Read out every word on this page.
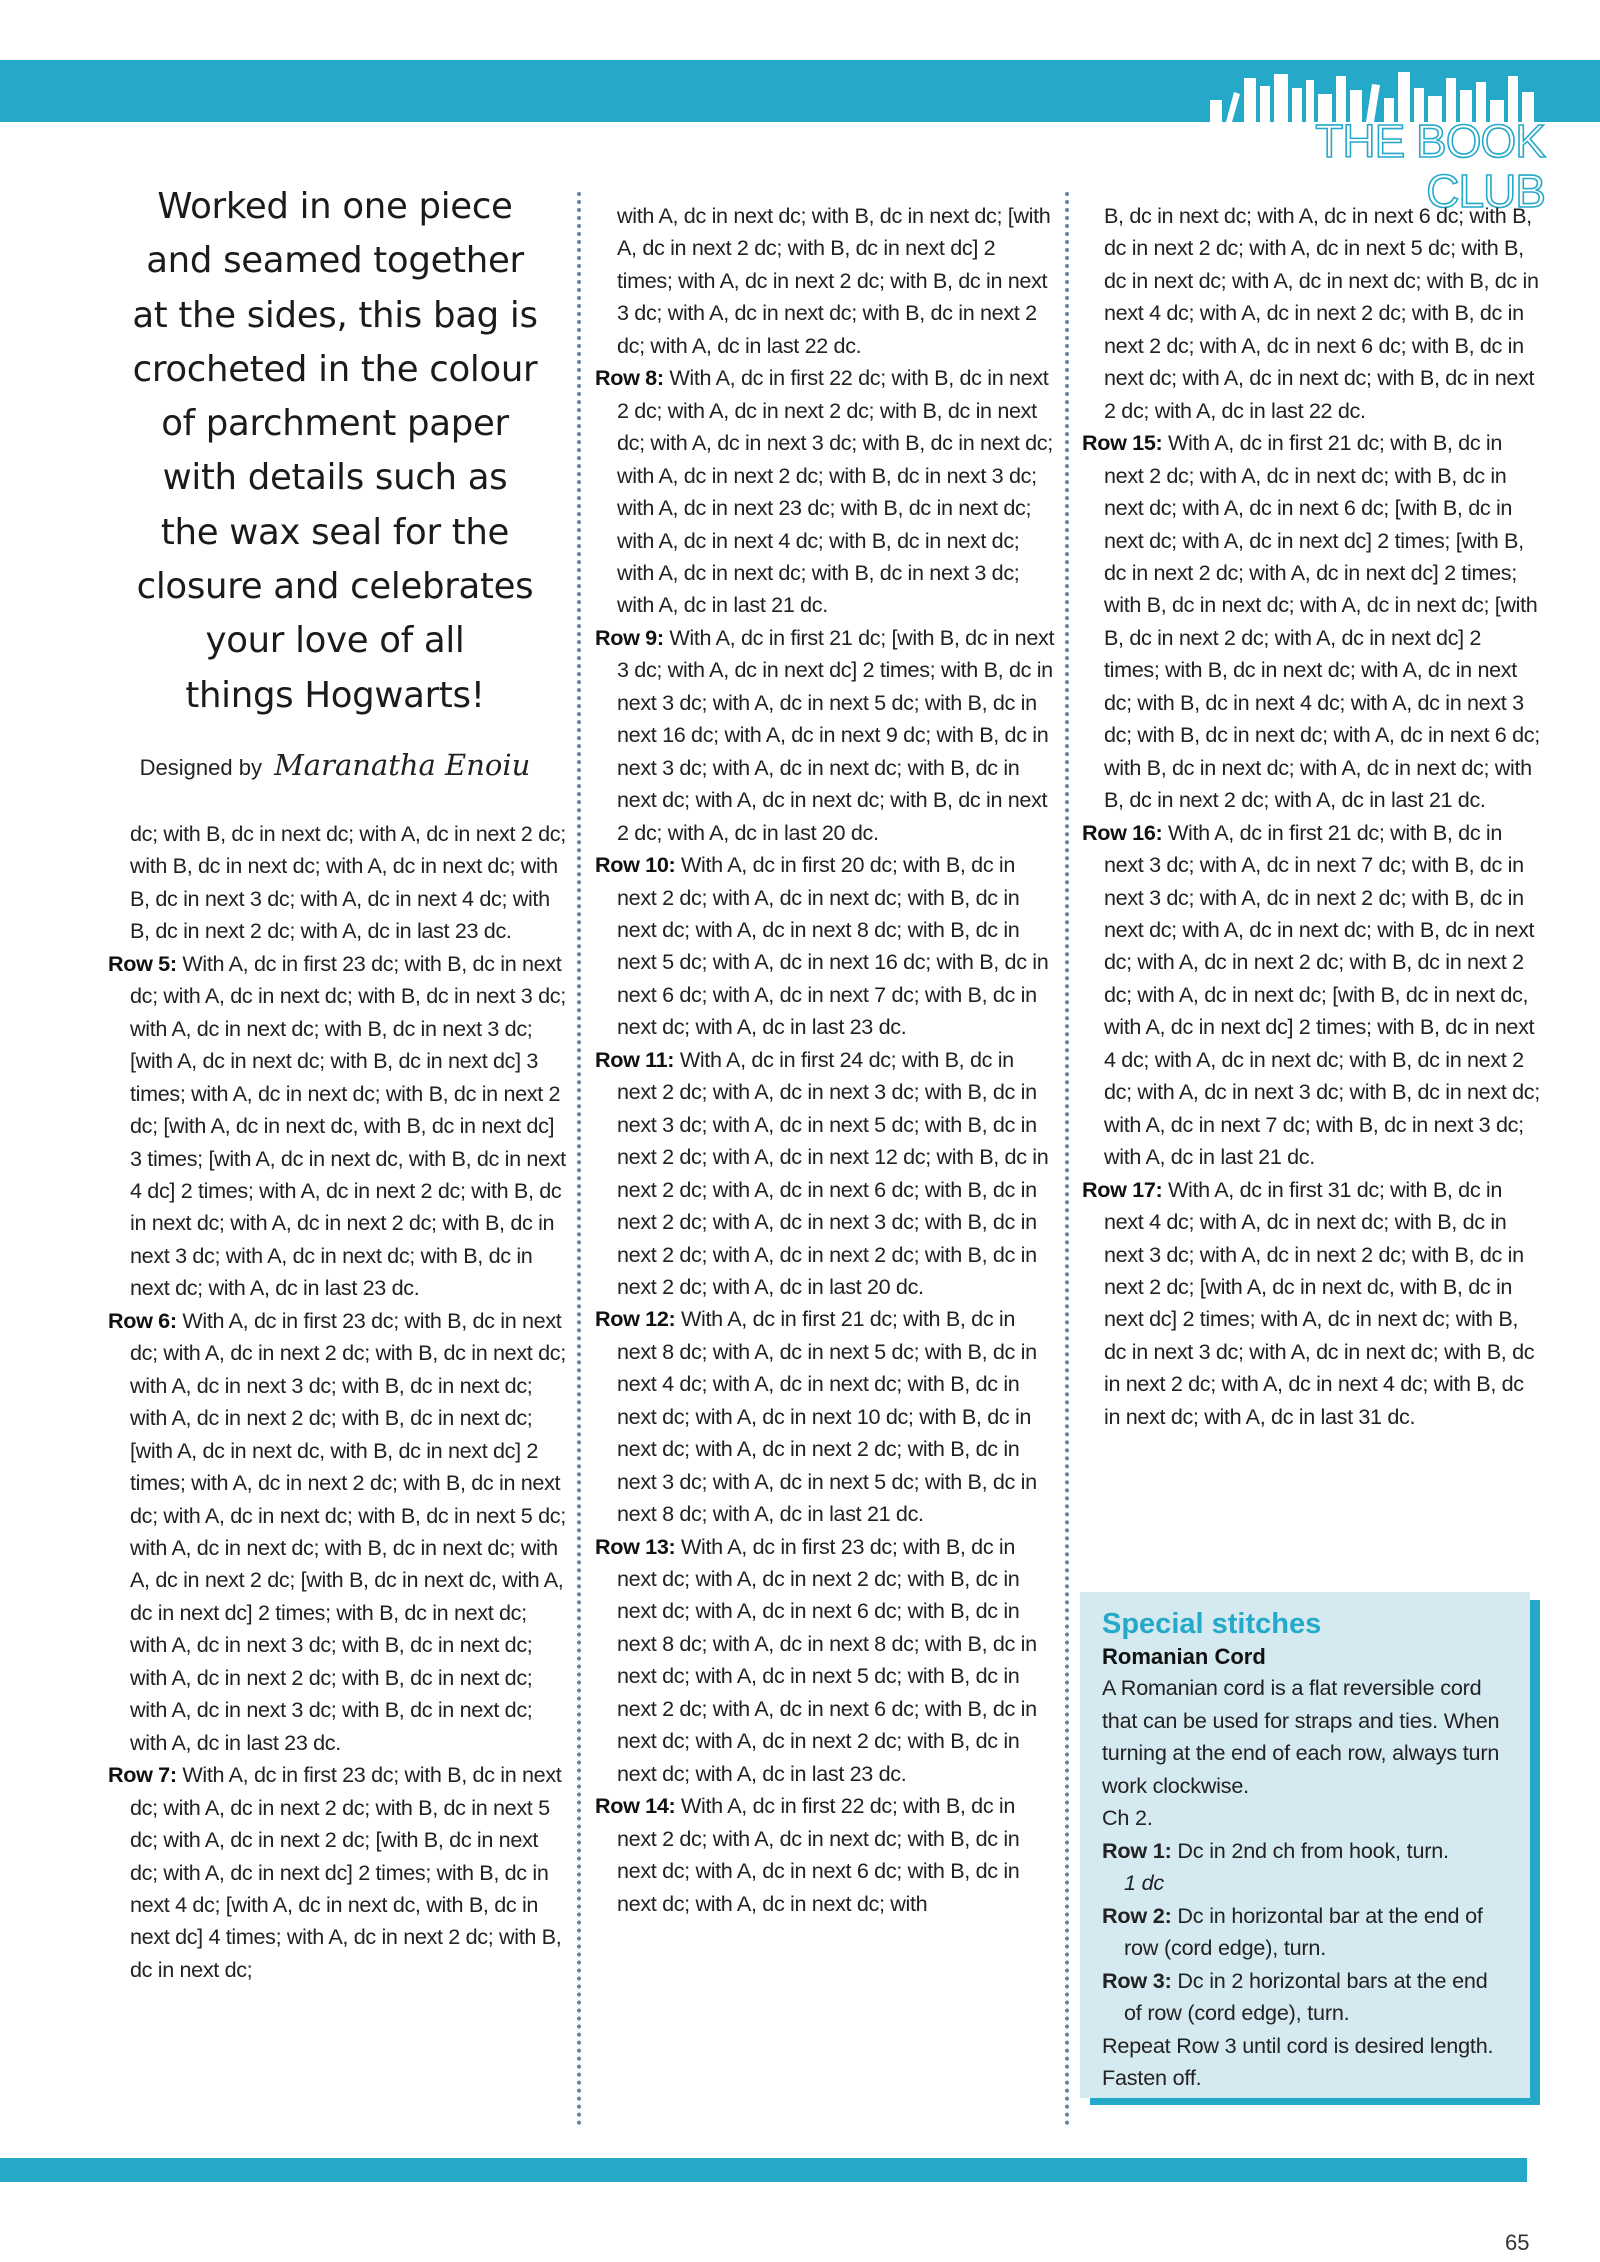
THE BOOK CLUB
Worked in one piece
and seamed together
at the sides, this bag is
crocheted in the colour
of parchment paper
with details such as
the wax seal for the
closure and celebrates
your love of all
things Hogwarts!
Designed by Maranatha Enoiu

dc; with B, dc in next dc; with A, dc in next 2 dc; with B, dc in next dc; with A, dc in next dc; with B, dc in next 3 dc; with A, dc in next 4 dc; with B, dc in next 2 dc; with A, dc in last 23 dc.

Row 5: With A, dc in first 23 dc; with B, dc in next dc; with A, dc in next dc; with B, dc in next 3 dc; with A, dc in next dc; with B, dc in next 3 dc; [with A, dc in next dc; with B, dc in next dc] 3 times; with A, dc in next dc; with B, dc in next 2 dc; [with A, dc in next dc, with B, dc in next dc] 3 times; [with A, dc in next dc, with B, dc in next 4 dc] 2 times; with A, dc in next 2 dc; with B, dc in next dc; with A, dc in next 2 dc; with B, dc in next 3 dc; with A, dc in next dc; with B, dc in next dc; with A, dc in last 23 dc.

Row 6: With A, dc in first 23 dc; with B, dc in next dc; with A, dc in next 2 dc; with B, dc in next dc; with A, dc in next 3 dc; with B, dc in next dc; with A, dc in next 2 dc; with B, dc in next dc; [with A, dc in next dc, with B, dc in next dc] 2 times; with A, dc in next 2 dc; with B, dc in next dc; with A, dc in next dc; with B, dc in next 5 dc; with A, dc in next dc; with B, dc in next dc; with A, dc in next 2 dc; [with B, dc in next dc, with A, dc in next dc] 2 times; with B, dc in next dc; with A, dc in next 3 dc; with B, dc in next dc; with A, dc in next 2 dc; with B, dc in next dc; with A, dc in next 3 dc; with B, dc in next dc; with A, dc in last 23 dc.

Row 7: With A, dc in first 23 dc; with B, dc in next dc; with A, dc in next 2 dc; with B, dc in next 5 dc; with A, dc in next 2 dc; [with B, dc in next dc; with A, dc in next dc] 2 times; with B, dc in next 4 dc; [with A, dc in next dc, with B, dc in next dc] 4 times; with A, dc in next 2 dc; with B, dc in next dc;

with A, dc in next dc; with B, dc in next dc; [with A, dc in next 2 dc; with B, dc in next dc] 2 times; with A, dc in next 2 dc; with B, dc in next 3 dc; with A, dc in next dc; with B, dc in next 2 dc; with A, dc in last 22 dc.

Row 8: With A, dc in first 22 dc; with B, dc in next 2 dc; with A, dc in next 2 dc; with B, dc in next dc; with A, dc in next 3 dc; with B, dc in next dc; with A, dc in next 2 dc; with B, dc in next 3 dc; with A, dc in next 23 dc; with B, dc in next dc; with A, dc in next 4 dc; with B, dc in next dc; with A, dc in next dc; with B, dc in next 3 dc; with A, dc in last 21 dc.

Row 9: With A, dc in first 21 dc; [with B, dc in next 3 dc; with A, dc in next dc] 2 times; with B, dc in next 3 dc; with A, dc in next 5 dc; with B, dc in next 16 dc; with A, dc in next 9 dc; with B, dc in next 3 dc; with A, dc in next dc; with B, dc in next dc; with A, dc in next dc; with B, dc in next 2 dc; with A, dc in last 20 dc.

Row 10: With A, dc in first 20 dc; with B, dc in next 2 dc; with A, dc in next dc; with B, dc in next dc; with A, dc in next 8 dc; with B, dc in next 5 dc; with A, dc in next 16 dc; with B, dc in next 6 dc; with A, dc in next 7 dc; with B, dc in next dc; with A, dc in last 23 dc.

Row 11: With A, dc in first 24 dc; with B, dc in next 2 dc; with A, dc in next 3 dc; with B, dc in next 3 dc; with A, dc in next 5 dc; with B, dc in next 2 dc; with A, dc in next 12 dc; with B, dc in next 2 dc; with A, dc in next 6 dc; with B, dc in next 2 dc; with A, dc in next 3 dc; with B, dc in next 2 dc; with A, dc in next 2 dc; with B, dc in next 2 dc; with A, dc in last 20 dc.

Row 12: With A, dc in first 21 dc; with B, dc in next 8 dc; with A, dc in next 5 dc; with B, dc in next 4 dc; with A, dc in next dc; with B, dc in next dc; with A, dc in next 10 dc; with B, dc in next dc; with A, dc in next 2 dc; with B, dc in next 3 dc; with A, dc in next 5 dc; with B, dc in next 8 dc; with A, dc in last 21 dc.

Row 13: With A, dc in first 23 dc; with B, dc in next dc; with A, dc in next 2 dc; with B, dc in next dc; with A, dc in next 6 dc; with B, dc in next 8 dc; with A, dc in next 8 dc; with B, dc in next dc; with A, dc in next 5 dc; with B, dc in next 2 dc; with A, dc in next 6 dc; with B, dc in next dc; with A, dc in next 2 dc; with B, dc in next dc; with A, dc in last 23 dc.

Row 14: With A, dc in first 22 dc; with B, dc in next 2 dc; with A, dc in next dc; with B, dc in next dc; with A, dc in next 6 dc; with B, dc in next dc; with A, dc in next dc; with

B, dc in next dc; with A, dc in next 6 dc; with B, dc in next 2 dc; with A, dc in next 5 dc; with B, dc in next dc; with A, dc in next dc; with B, dc in next 4 dc; with A, dc in next 2 dc; with B, dc in next 2 dc; with A, dc in next 6 dc; with B, dc in next dc; with A, dc in next dc; with B, dc in next 2 dc; with A, dc in last 22 dc.

Row 15: With A, dc in first 21 dc; with B, dc in next 2 dc; with A, dc in next dc; with B, dc in next dc; with A, dc in next 6 dc; [with B, dc in next dc; with A, dc in next dc] 2 times; [with B, dc in next 2 dc; with A, dc in next dc] 2 times; with B, dc in next dc; with A, dc in next dc; [with B, dc in next 2 dc; with A, dc in next dc] 2 times; with B, dc in next dc; with A, dc in next dc; with B, dc in next 4 dc; with A, dc in next 3 dc; with B, dc in next dc; with A, dc in next 6 dc; with B, dc in next dc; with A, dc in next dc; with B, dc in next 2 dc; with A, dc in last 21 dc.

Row 16: With A, dc in first 21 dc; with B, dc in next 3 dc; with A, dc in next 7 dc; with B, dc in next 3 dc; with A, dc in next 2 dc; with B, dc in next dc; with A, dc in next dc; with B, dc in next dc; with A, dc in next 2 dc; with B, dc in next 2 dc; with A, dc in next dc; [with B, dc in next dc, with A, dc in next dc] 2 times; with B, dc in next 4 dc; with A, dc in next dc; with B, dc in next 2 dc; with A, dc in next 3 dc; with B, dc in next dc; with A, dc in next 7 dc; with B, dc in next 3 dc; with A, dc in last 21 dc.

Row 17: With A, dc in first 31 dc; with B, dc in next 4 dc; with A, dc in next dc; with B, dc in next 3 dc; with A, dc in next 2 dc; with B, dc in next 2 dc; [with A, dc in next dc, with B, dc in next dc] 2 times; with A, dc in next dc; with B, dc in next 3 dc; with A, dc in next dc; with B, dc in next 2 dc; with A, dc in next 4 dc; with B, dc in next dc; with A, dc in last 31 dc.

Special stitches
Romanian Cord

A Romanian cord is a flat reversible cord that can be used for straps and ties. When turning at the end of each row, always turn work clockwise.

Ch 2.

Row 1: Dc in 2nd ch from hook, turn.

1 dc

Row 2: Dc in horizontal bar at the end of row (cord edge), turn.

Row 3: Dc in 2 horizontal bars at the end of row (cord edge), turn.

Repeat Row 3 until cord is desired length. Fasten off.

65
